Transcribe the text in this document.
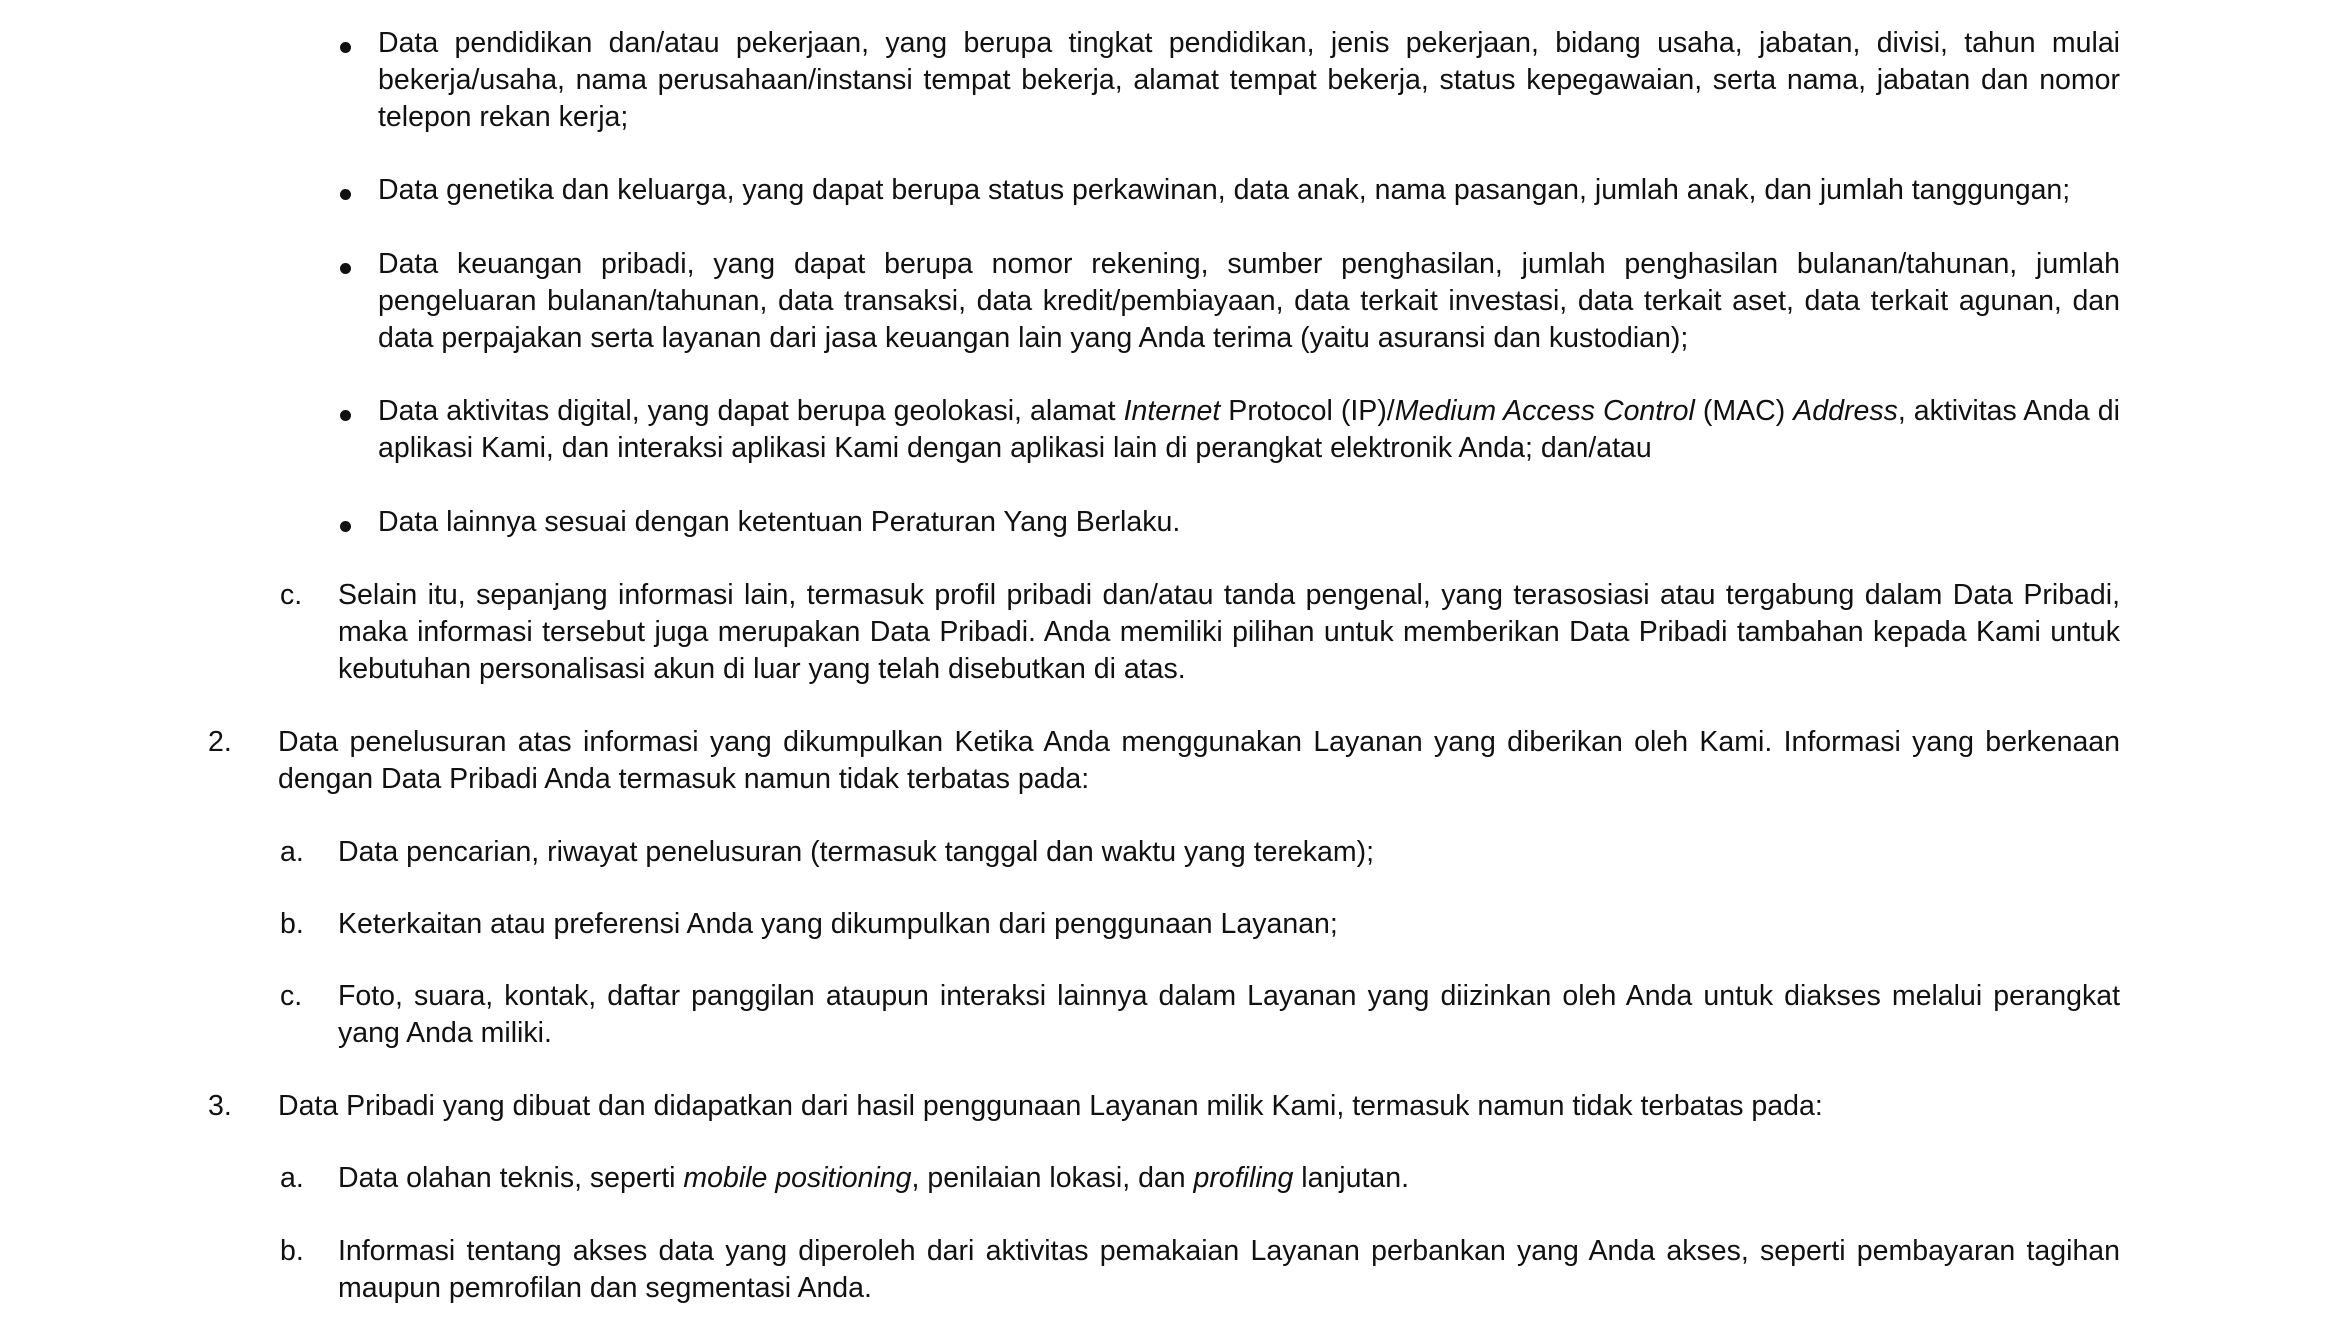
Data pendidikan dan/atau pekerjaan, yang berupa tingkat pendidikan, jenis pekerjaan, bidang usaha, jabatan, divisi, tahun mulai bekerja/usaha, nama perusahaan/instansi tempat bekerja, alamat tempat bekerja, status kepegawaian, serta nama, jabatan dan nomor telepon rekan kerja;
Data genetika dan keluarga, yang dapat berupa status perkawinan, data anak, nama pasangan, jumlah anak, dan jumlah tanggungan;
Data keuangan pribadi, yang dapat berupa nomor rekening, sumber penghasilan, jumlah penghasilan bulanan/tahunan, jumlah pengeluaran bulanan/tahunan, data transaksi, data kredit/pembiayaan, data terkait investasi, data terkait aset, data terkait agunan, dan data perpajakan serta layanan dari jasa keuangan lain yang Anda terima (yaitu asuransi dan kustodian);
Data aktivitas digital, yang dapat berupa geolokasi, alamat Internet Protocol (IP)/Medium Access Control (MAC) Address, aktivitas Anda di aplikasi Kami, dan interaksi aplikasi Kami dengan aplikasi lain di perangkat elektronik Anda; dan/atau
Data lainnya sesuai dengan ketentuan Peraturan Yang Berlaku.
c. Selain itu, sepanjang informasi lain, termasuk profil pribadi dan/atau tanda pengenal, yang terasosiasi atau tergabung dalam Data Pribadi, maka informasi tersebut juga merupakan Data Pribadi. Anda memiliki pilihan untuk memberikan Data Pribadi tambahan kepada Kami untuk kebutuhan personalisasi akun di luar yang telah disebutkan di atas.
2. Data penelusuran atas informasi yang dikumpulkan Ketika Anda menggunakan Layanan yang diberikan oleh Kami. Informasi yang berkenaan dengan Data Pribadi Anda termasuk namun tidak terbatas pada:
a. Data pencarian, riwayat penelusuran (termasuk tanggal dan waktu yang terekam);
b. Keterkaitan atau preferensi Anda yang dikumpulkan dari penggunaan Layanan;
c. Foto, suara, kontak, daftar panggilan ataupun interaksi lainnya dalam Layanan yang diizinkan oleh Anda untuk diakses melalui perangkat yang Anda miliki.
3. Data Pribadi yang dibuat dan didapatkan dari hasil penggunaan Layanan milik Kami, termasuk namun tidak terbatas pada:
a. Data olahan teknis, seperti mobile positioning, penilaian lokasi, dan profiling lanjutan.
b. Informasi tentang akses data yang diperoleh dari aktivitas pemakaian Layanan perbankan yang Anda akses, seperti pembayaran tagihan maupun pemrofilan dan segmentasi Anda.
